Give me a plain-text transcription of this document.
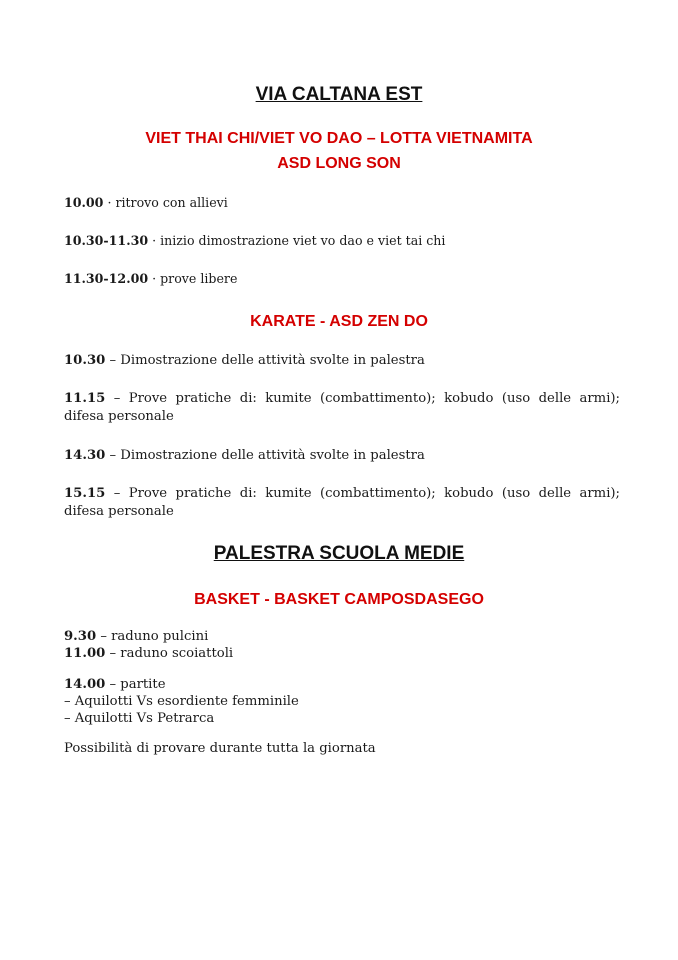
VIA CALTANA EST
VIET THAI CHI/VIET VO DAO – LOTTA VIETNAMITA
ASD LONG SON
10.00 · ritrovo con allievi
10.30-11.30 · inizio dimostrazione viet vo dao e viet tai chi
11.30-12.00 · prove libere
KARATE - ASD ZEN DO
10.30 – Dimostrazione delle attività svolte in palestra
11.15 – Prove pratiche di: kumite (combattimento); kobudo (uso delle armi); difesa personale
14.30 – Dimostrazione delle attività svolte in palestra
15.15 – Prove pratiche di: kumite (combattimento); kobudo (uso delle armi); difesa personale
PALESTRA SCUOLA MEDIE
BASKET - BASKET CAMPOSDASEGO
9.30 – raduno pulcini
11.00 – raduno scoiattoli
14.00 – partite
– Aquilotti Vs esordiente femminile
– Aquilotti Vs Petrarca
Possibilità di provare durante tutta la giornata
